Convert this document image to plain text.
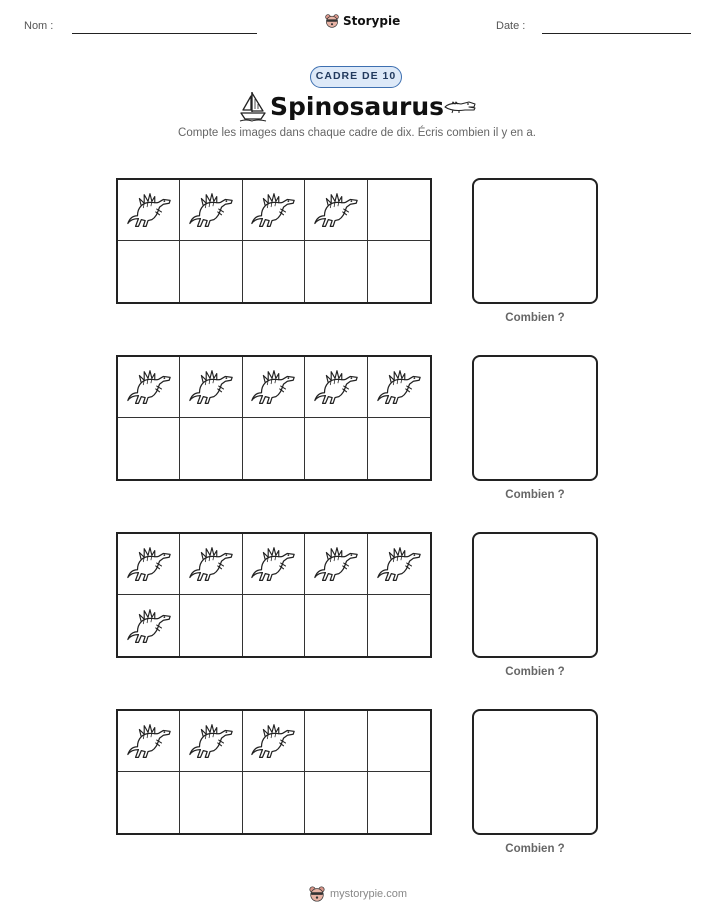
Nom :	Storypie	Date :
CADRE DE 10
Spinosaurus
Compte les images dans chaque cadre de dix. Écris combien il y en a.
Combien ?
Combien ?
Combien ?
Combien ?
mystorypie.com
